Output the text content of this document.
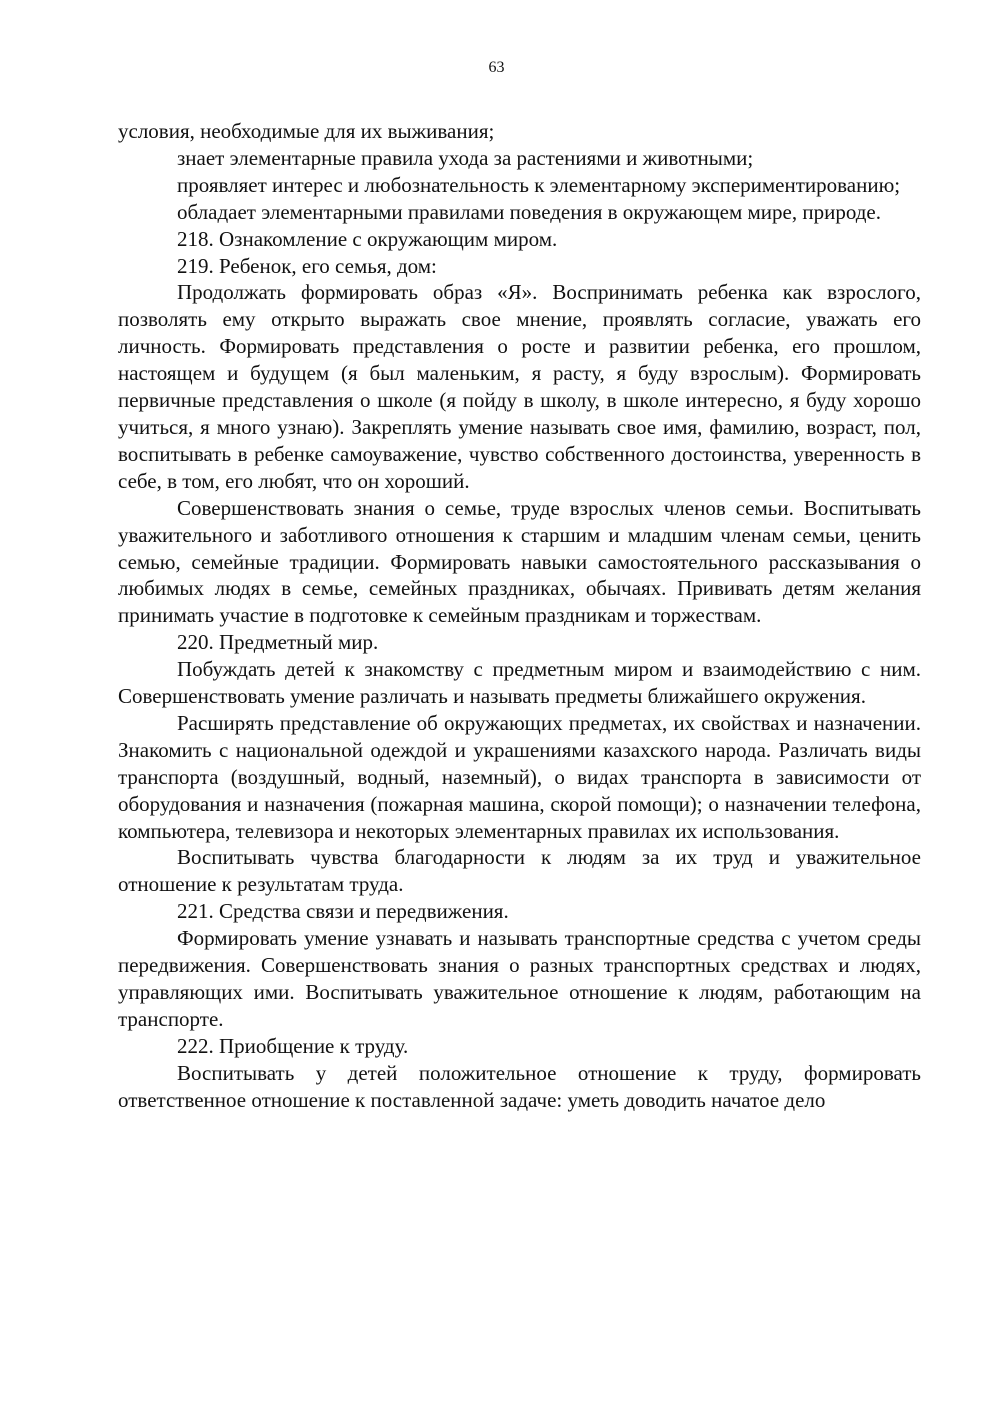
63

условия, необходимые для их выживания;

знает элементарные правила ухода за растениями и животными;

проявляет интерес и любознательность к элементарному экспериментированию;

обладает элементарными правилами поведения в окружающем мире, природе.

218. Ознакомление с окружающим миром.

219. Ребенок, его семья, дом:

Продолжать формировать образ «Я». Воспринимать ребенка как взрослого, позволять ему открыто выражать свое мнение, проявлять согласие, уважать его личность. Формировать представления о росте и развитии ребенка, его прошлом, настоящем и будущем (я был маленьким, я расту, я буду взрослым). Формировать первичные представления о школе (я пойду в школу, в школе интересно, я буду хорошо учиться, я много узнаю). Закреплять умение называть свое имя, фамилию, возраст, пол, воспитывать в ребенке самоуважение, чувство собственного достоинства, уверенность в себе, в том, его любят, что он хороший.

Совершенствовать знания о семье, труде взрослых членов семьи. Воспитывать уважительного и заботливого отношения к старшим и младшим членам семьи, ценить семью, семейные традиции. Формировать навыки самостоятельного рассказывания о любимых людях в семье, семейных праздниках, обычаях. Прививать детям желания принимать участие в подготовке к семейным праздникам и торжествам.

220. Предметный мир.

Побуждать детей к знакомству с предметным миром и взаимодействию с ним. Совершенствовать умение различать и называть предметы ближайшего окружения.

Расширять представление об окружающих предметах, их свойствах и назначении. Знакомить с национальной одеждой и украшениями казахского народа. Различать виды транспорта (воздушный, водный, наземный), о видах транспорта в зависимости от оборудования и назначения (пожарная машина, скорой помощи); о назначении телефона, компьютера, телевизора и некоторых элементарных правилах их использования.

Воспитывать чувства благодарности к людям за их труд и уважительное отношение к результатам труда.

221. Средства связи и передвижения.

Формировать умение узнавать и называть транспортные средства с учетом среды передвижения. Совершенствовать знания о разных транспортных средствах и людях, управляющих ими. Воспитывать уважительное отношение к людям, работающим на транспорте.

222. Приобщение к труду.

Воспитывать у детей положительное отношение к труду, формировать ответственное отношение к поставленной задаче: уметь доводить начатое дело
